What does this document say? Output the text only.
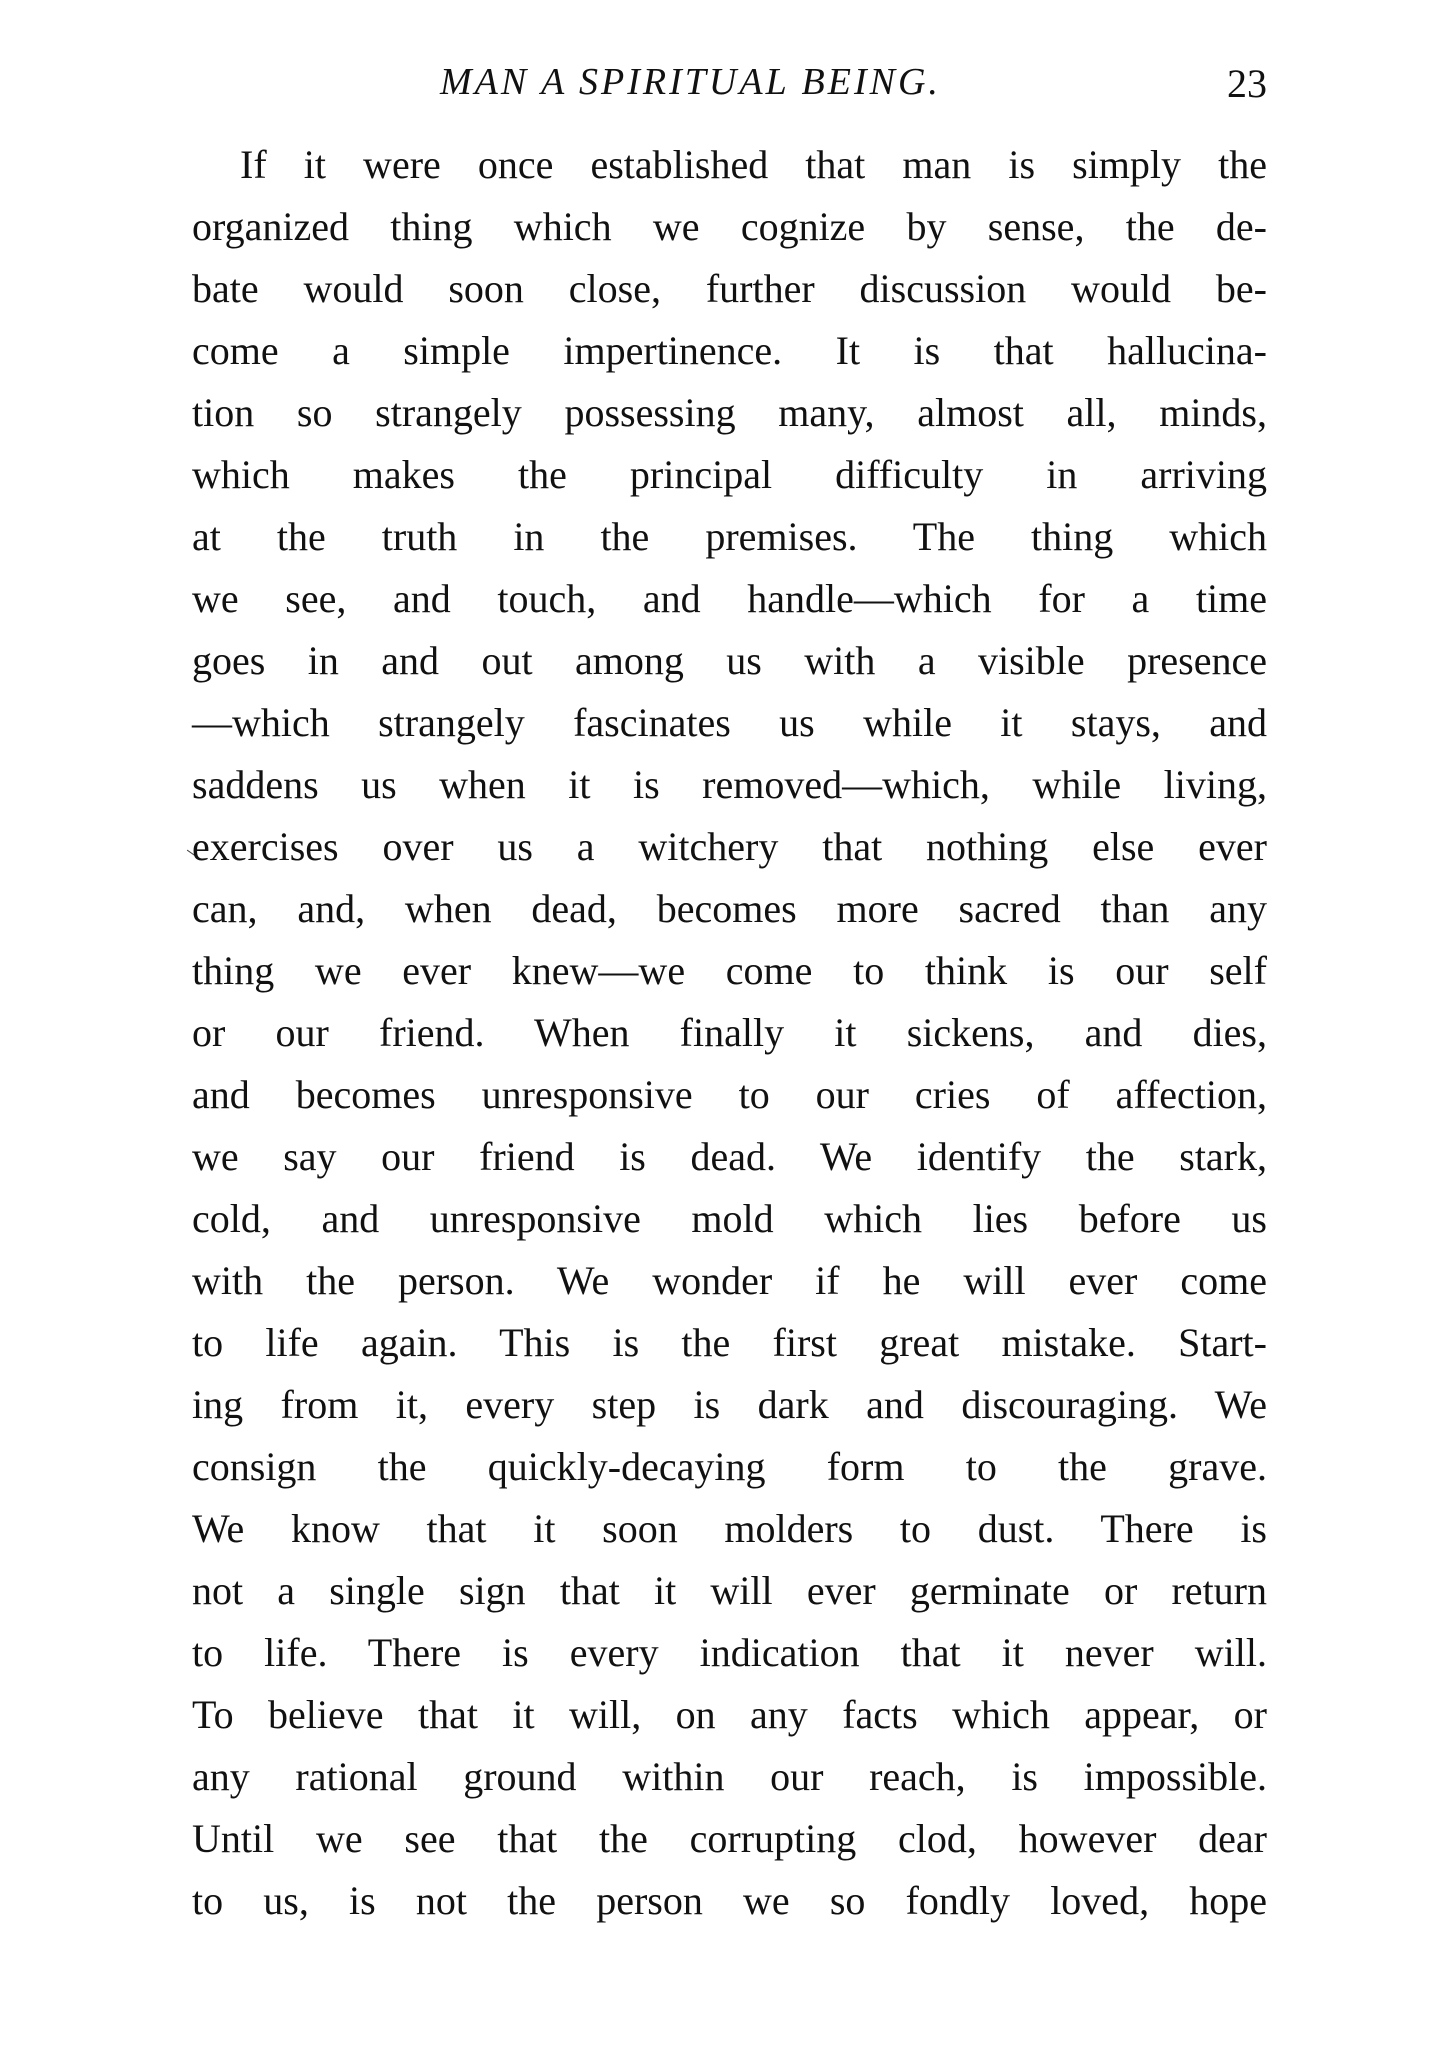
MAN A SPIRITUAL BEING.	23
If it were once established that man is simply the
organized thing which we cognize by sense, the de-
bate would soon close, further discussion would be-
come a simple impertinence. It is that hallucina-
tion so strangely possessing many, almost all, minds,
which makes the principal difficulty in arriving
at the truth in the premises. The thing which
we see, and touch, and handle—which for a time
goes in and out among us with a visible presence
—which strangely fascinates us while it stays, and
saddens us when it is removed—which, while living,
exercises over us a witchery that nothing else ever
can, and, when dead, becomes more sacred than any
thing we ever knew—we come to think is our self
or our friend. When finally it sickens, and dies,
and becomes unresponsive to our cries of affection,
we say our friend is dead. We identify the stark,
cold, and unresponsive mold which lies before us
with the person. We wonder if he will ever come
to life again. This is the first great mistake. Start-
ing from it, every step is dark and discouraging. We
consign the quickly-decaying form to the grave.
We know that it soon molders to dust. There is
not a single sign that it will ever germinate or return
to life. There is every indication that it never will.
To believe that it will, on any facts which appear, or
any rational ground within our reach, is impossible.
Until we see that the corrupting clod, however dear
to us, is not the person we so fondly loved, hope
